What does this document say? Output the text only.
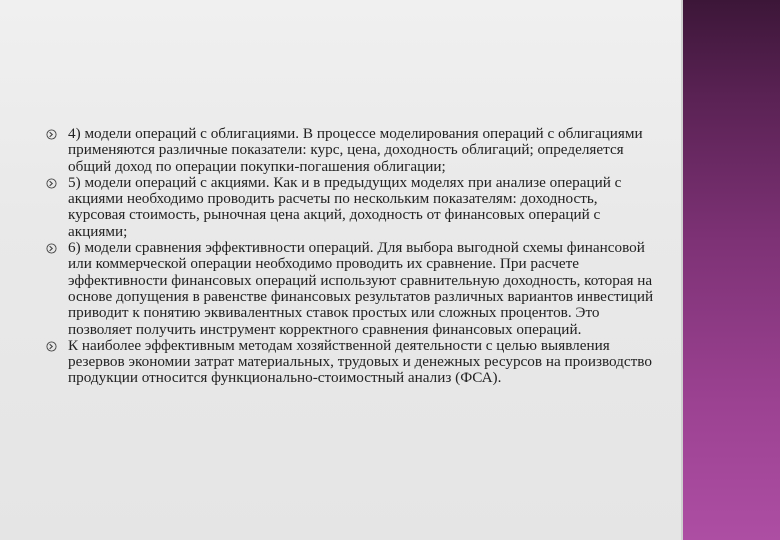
4) модели операций с облигациями. В процессе моделирования операций с облигациями применяются различные показатели: курс, цена, доходность облигаций; определяется общий доход по операции покупки-погашения облигации;
5) модели операций с акциями. Как и в предыдущих моделях при анализе операций с акциями необходимо проводить расчеты по нескольким показателям: доходность, курсовая стоимость, рыночная цена акций, доходность от финансовых операций с акциями;
6) модели сравнения эффективности операций. Для выбора выгодной схемы финансовой или коммерческой операции необходимо проводить их сравнение. При расчете эффективности финансовых операций используют сравнительную доходность, которая на основе допущения в равенстве финансовых результатов различных вариантов инвестиций приводит к понятию эквивалентных ставок простых или сложных процентов. Это позволяет получить инструмент корректного сравнения финансовых операций.
К наиболее эффективным методам хозяйственной деятельности с целью выявления резервов экономии затрат материальных, трудовых и денежных ресурсов на производство продукции относится функционально-стоимостный анализ (ФСА).
